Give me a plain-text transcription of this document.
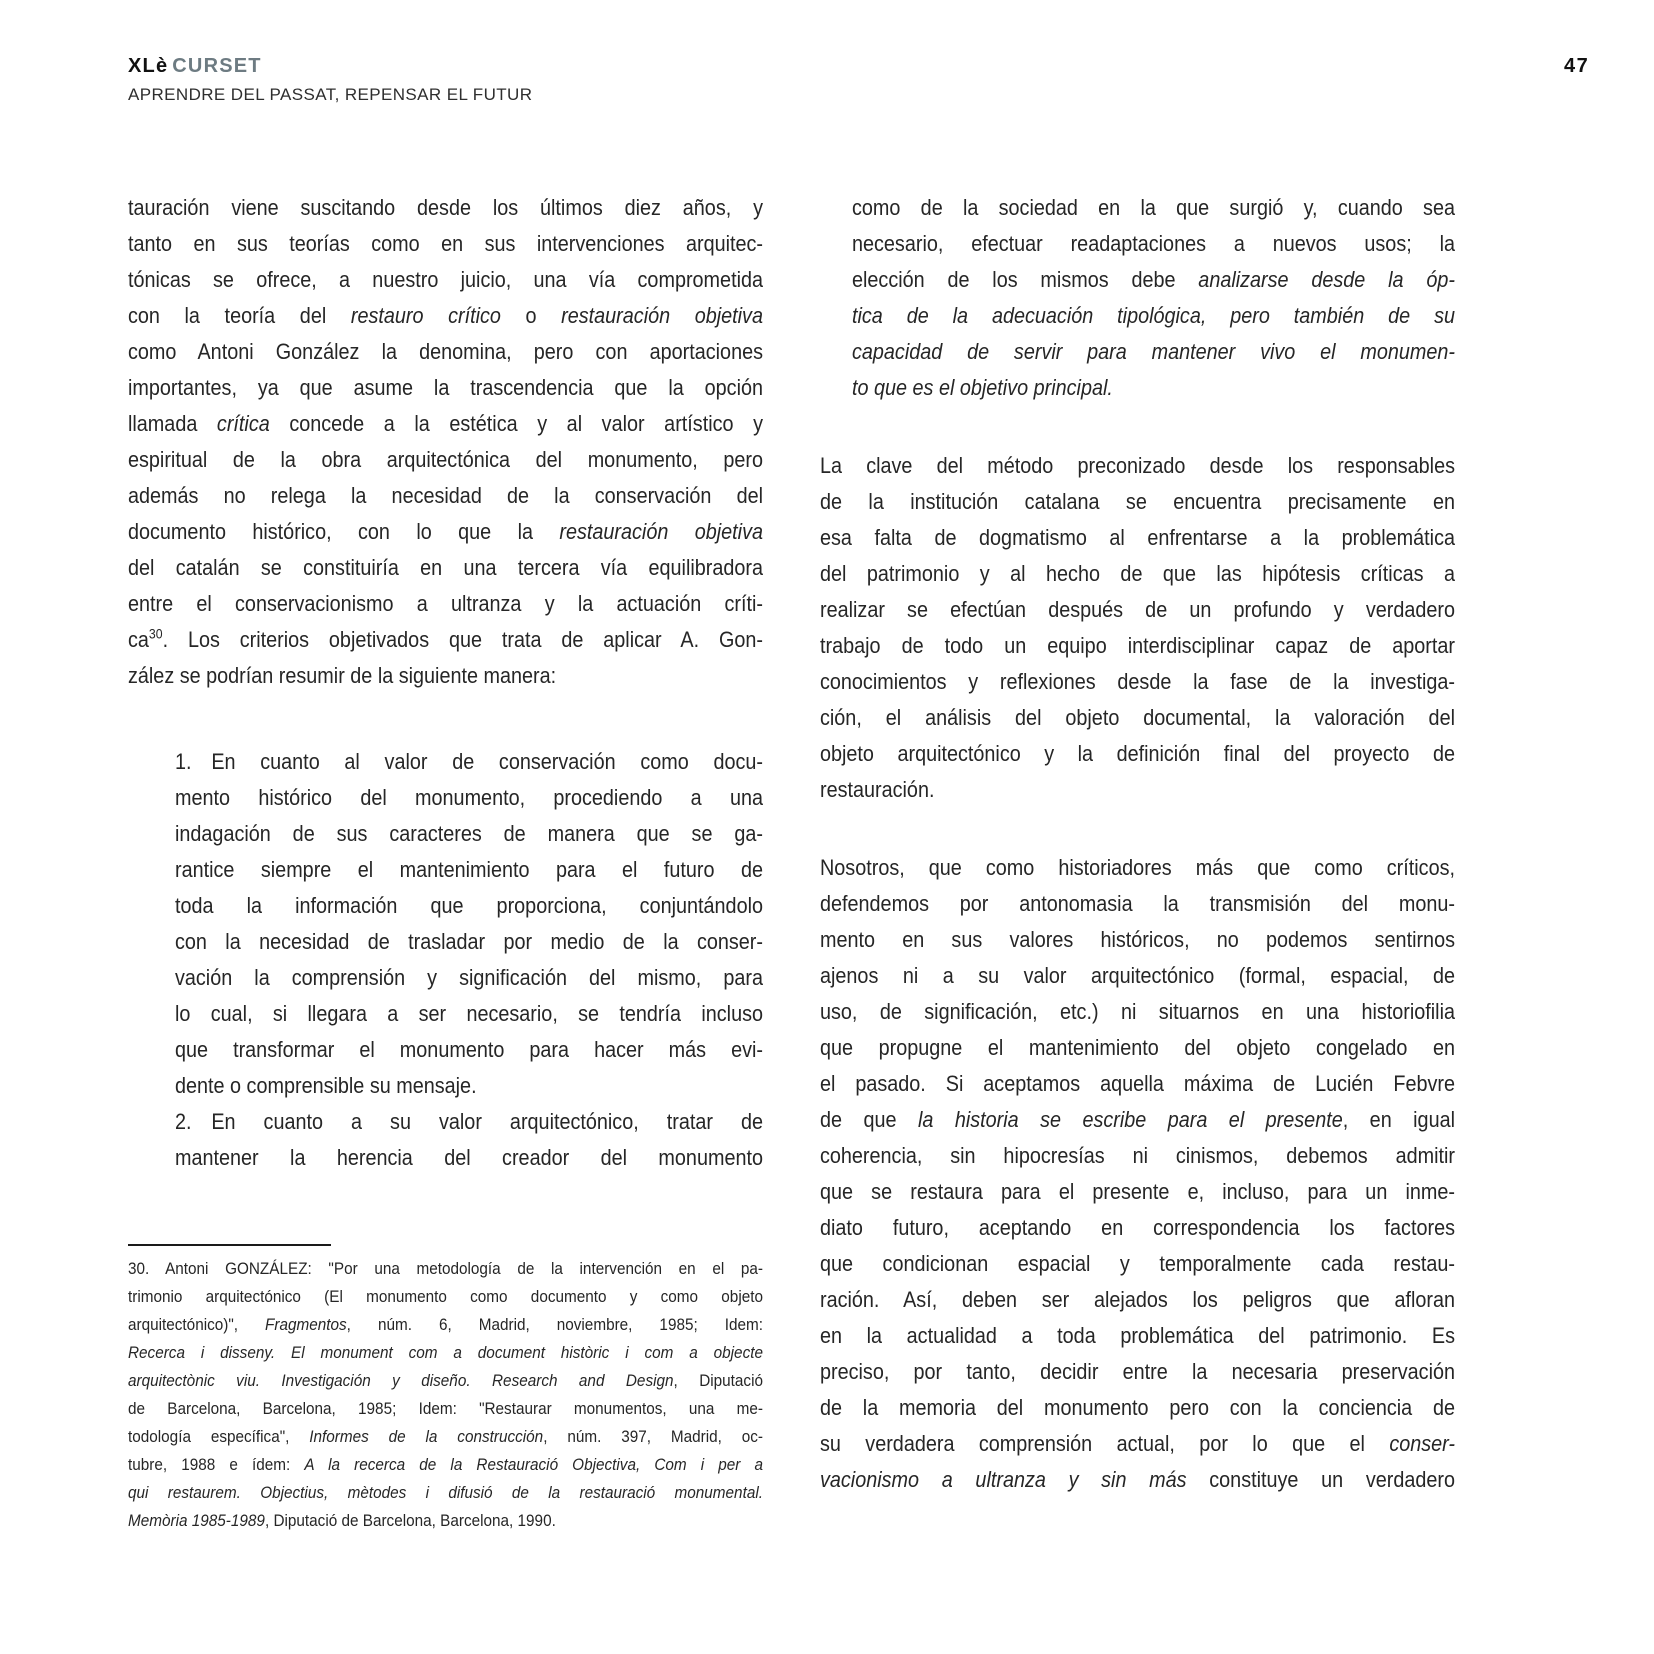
XLè CURSET
APRENDRE DEL PASSAT, REPENSAR EL FUTUR
47
tauración viene suscitando desde los últimos diez años, y
tanto en sus teorías como en sus intervenciones arquitec-
tónicas se ofrece, a nuestro juicio, una vía comprometida
con la teoría del restauro crítico o restauración objetiva
como Antoni González la denomina, pero con aportaciones
importantes, ya que asume la trascendencia que la opción
llamada crítica concede a la estética y al valor artístico y
espiritual de la obra arquitectónica del monumento, pero
además no relega la necesidad de la conservación del
documento histórico, con lo que la restauración objetiva
del catalán se constituiría en una tercera vía equilibradora
entre el conservacionismo a ultranza y la actuación críti-
$ca^{30}$. Los criterios objetivados que trata de aplicar A. Gon-
zález se podrían resumir de la siguiente manera:
1.  En cuanto al valor de conservación como docu-
mento histórico del monumento, procediendo a una
indagación de sus caracteres de manera que se ga-
rantice siempre el mantenimiento para el futuro de
toda la información que proporciona, conjuntándolo
con la necesidad de trasladar por medio de la conser-
vación la comprensión y significación del mismo, para
lo cual, si llegara a ser necesario, se tendría incluso
que transformar el monumento para hacer más evi-
dente o comprensible su mensaje.
2.  En cuanto a su valor arquitectónico, tratar de
mantener la herencia del creador del monumento
como de la sociedad en la que surgió y, cuando sea
necesario, efectuar readaptaciones a nuevos usos; la
elección de los mismos debe analizarse desde la óp-
tica de la adecuación tipológica, pero también de su
capacidad de servir para mantener vivo el monumen-
to que es el objetivo principal.
La clave del método preconizado desde los responsables
de la institución catalana se encuentra precisamente en
esa falta de dogmatismo al enfrentarse a la problemática
del patrimonio y al hecho de que las hipótesis críticas a
realizar se efectúan después de un profundo y verdadero
trabajo de todo un equipo interdisciplinar capaz de aportar
conocimientos y reflexiones desde la fase de la investiga-
ción, el análisis del objeto documental, la valoración del
objeto arquitectónico y la definición final del proyecto de
restauración.
Nosotros, que como historiadores más que como críticos,
defendemos por antonomasia la transmisión del monu-
mento en sus valores históricos, no podemos sentirnos
ajenos ni a su valor arquitectónico (formal, espacial, de
uso, de significación, etc.) ni situarnos en una historiofilia
que propugne el mantenimiento del objeto congelado en
el pasado. Si aceptamos aquella máxima de Lucién Febvre
de que la historia se escribe para el presente, en igual
coherencia, sin hipocresías ni cinismos, debemos admitir
que se restaura para el presente e, incluso, para un inme-
diato futuro, aceptando en correspondencia los factores
que condicionan espacial y temporalmente cada restau-
ración. Así, deben ser alejados los peligros que afloran
en la actualidad a toda problemática del patrimonio. Es
preciso, por tanto, decidir entre la necesaria preservación
de la memoria del monumento pero con la conciencia de
su verdadera comprensión actual, por lo que el conser-
vacionismo a ultranza y sin más constituye un verdadero
30. Antoni GONZÁLEZ: "Por una metodología de la intervención en el pa-
trimonio arquitectónico (El monumento como documento y como objeto
arquitectónico)", Fragmentos, núm. 6, Madrid, noviembre, 1985; Idem:
Recerca i disseny. El monument com a document històric i com a objecte
arquitectònic viu. Investigación y diseño. Research and Design, Diputació
de Barcelona, Barcelona, 1985; Idem: "Restaurar monumentos, una me-
todología específica", Informes de la construcción, núm. 397, Madrid, oc-
tubre, 1988 e ídem: A la recerca de la Restauració Objectiva, Com i per a
qui restaurem. Objectius, mètodes i difusió de la restauració monumental.
Memòria 1985-1989, Diputació de Barcelona, Barcelona, 1990.
